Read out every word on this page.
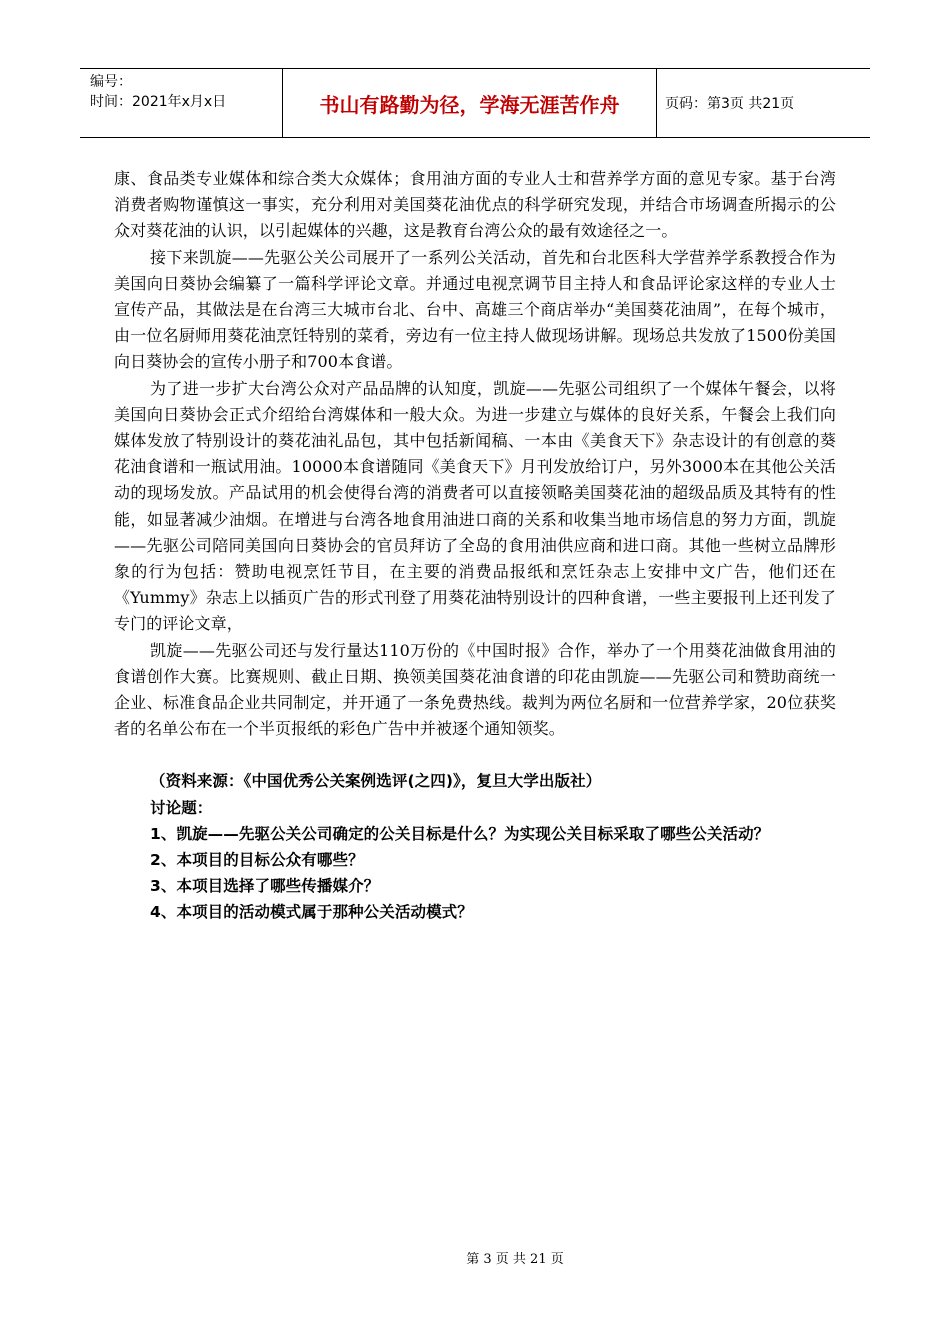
编号：
时间：2021年x月x日	书山有路勤为径，学海无涯苦作舟	页码：第3页 共21页

康、食品类专业媒体和综合类大众媒体；食用油方面的专业人士和营养学方面的意见专家。基于台湾消费者购物谨慎这一事实，充分利用对美国葵花油优点的科学研究发现，并结合市场调查所揭示的公众对葵花油的认识，以引起媒体的兴趣，这是教育台湾公众的最有效途径之一。

接下来凯旋——先驱公关公司展开了一系列公关活动，首先和台北医科大学营养学系教授合作为美国向日葵协会编纂了一篇科学评论文章。并通过电视烹调节目主持人和食品评论家这样的专业人士宣传产品，其做法是在台湾三大城市台北、台中、高雄三个商店举办“美国葵花油周”，在每个城市，由一位名厨师用葵花油烹饪特别的菜肴，旁边有一位主持人做现场讲解。现场总共发放了1500份美国向日葵协会的宣传小册子和700本食谱。

为了进一步扩大台湾公众对产品品牌的认知度，凯旋——先驱公司组织了一个媒体午餐会，以将美国向日葵协会正式介绍给台湾媒体和一般大众。为进一步建立与媒体的良好关系，午餐会上我们向媒体发放了特别设计的葵花油礼品包，其中包括新闻稿、一本由《美食天下》杂志设计的有创意的葵花油食谱和一瓶试用油。10000本食谱随同《美食天下》月刊发放给订户，另外3000本在其他公关活动的现场发放。产品试用的机会使得台湾的消费者可以直接领略美国葵花油的超级品质及其特有的性能，如显著减少油烟。在增进与台湾各地食用油进口商的关系和收集当地市场信息的努力方面，凯旋——先驱公司陪同美国向日葵协会的官员拜访了全岛的食用油供应商和进口商。其他一些树立品牌形象的行为包括：赞助电视烹饪节目，在主要的消费品报纸和烹饪杂志上安排中文广告，他们还在《Yummy》杂志上以插页广告的形式刊登了用葵花油特别设计的四种食谱，一些主要报刊上还刊发了专门的评论文章，

凯旋——先驱公司还与发行量达110万份的《中国时报》合作，举办了一个用葵花油做食用油的食谱创作大赛。比赛规则、截止日期、换领美国葵花油食谱的印花由凯旋——先驱公司和赞助商统一企业、标准食品企业共同制定，并开通了一条免费热线。裁判为两位名厨和一位营养学家，20位获奖者的名单公布在一个半页报纸的彩色广告中并被逐个通知领奖。

（资料来源：《中国优秀公关案例选评(之四)》，复旦大学出版社）

讨论题：

1、凯旋——先驱公关公司确定的公关目标是什么？为实现公关目标采取了哪些公关活动？

2、本项目的目标公众有哪些？

3、本项目选择了哪些传播媒介？

4、本项目的活动模式属于那种公关活动模式？

第 3 页 共 21 页
